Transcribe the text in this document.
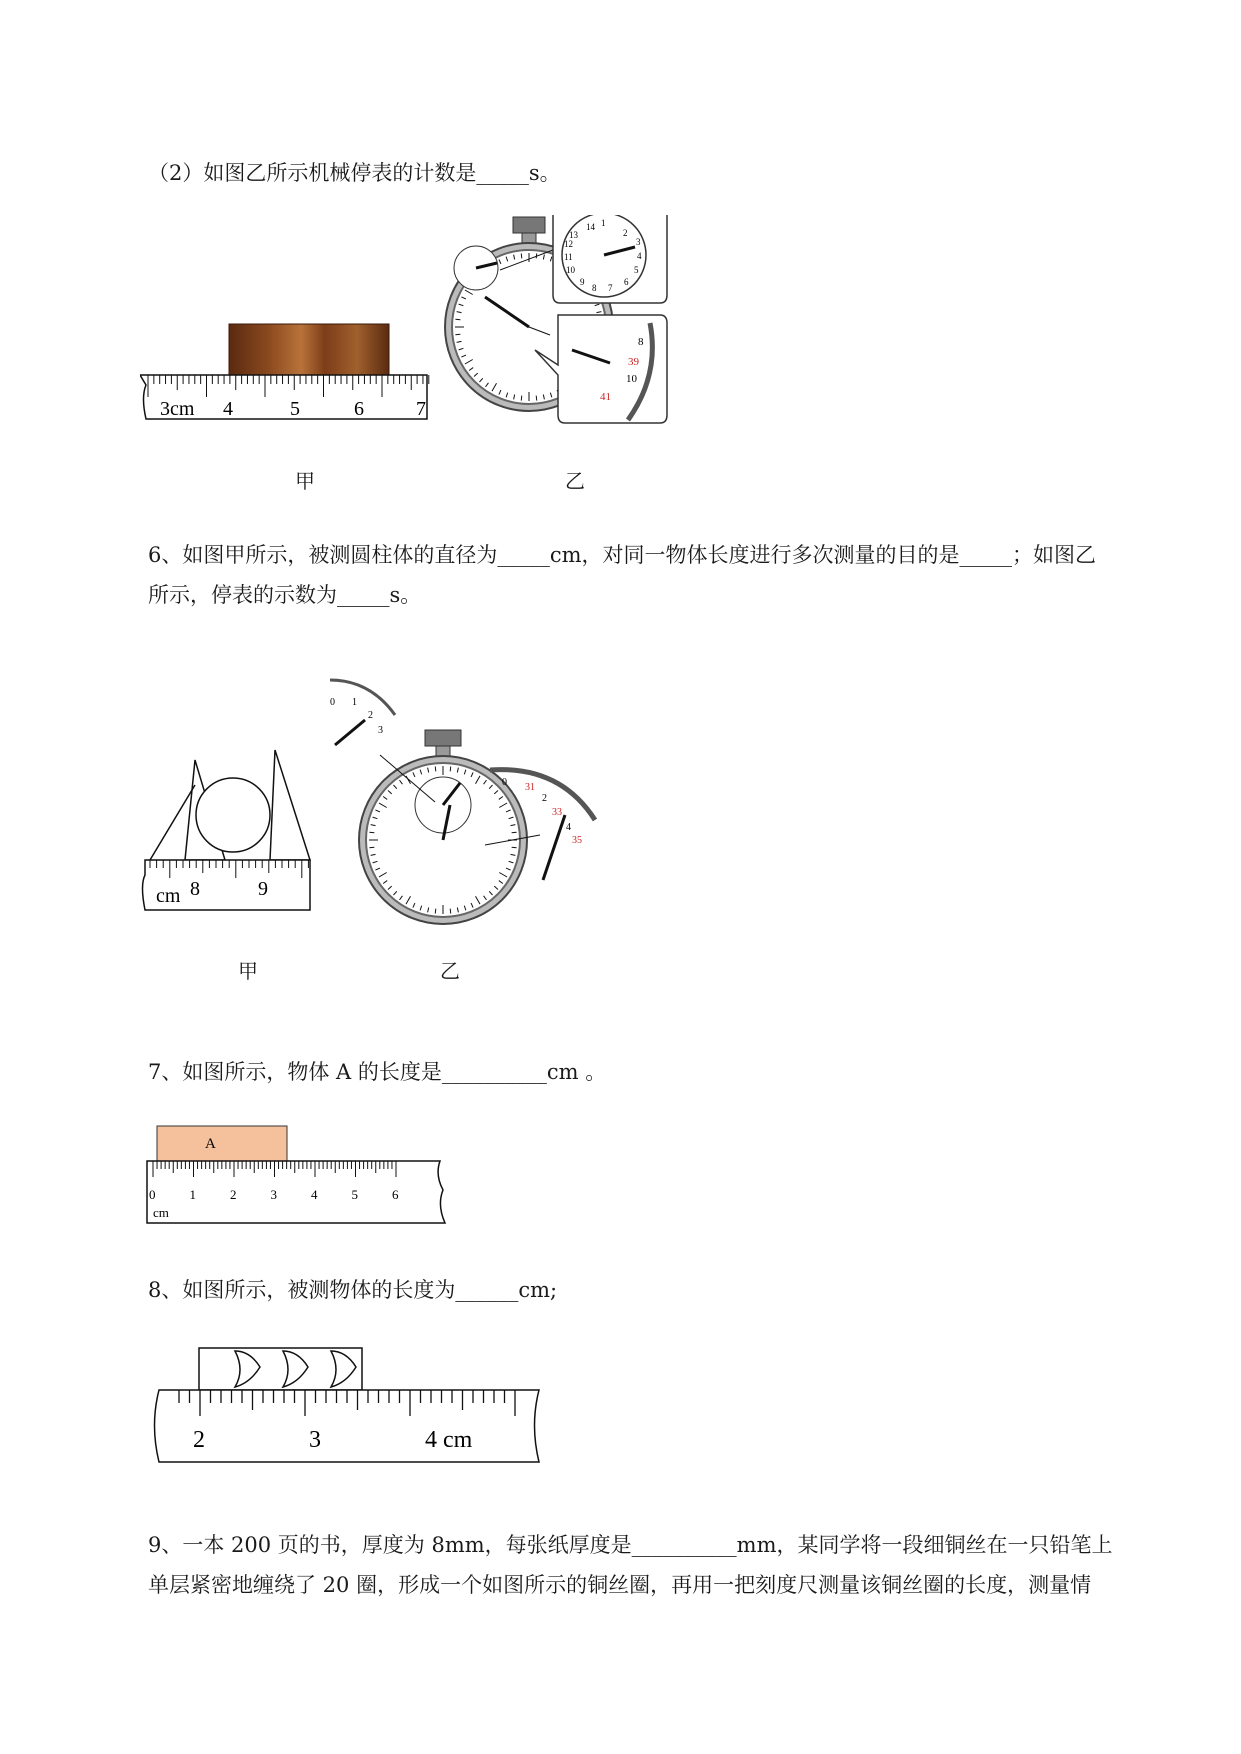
（2）如图乙所示机械停表的计数是_____s。

3cm 4	5	6	7
14 1
2
13
12	3
11	4
10	5
9
8 7
6
8
39
10
41
甲	乙

6、如图甲所示，被测圆柱体的直径为_____cm，对同一物体长度进行多次测量的目的是_____；如图乙

所示，停表的示数为_____s。

cm 8	9
0 1
2
3
0 31
2
33
4
35
甲	乙

7、如图所示，物体 A 的长度是__________cm 。

A
0	1	2	3	4	5	6
cm

8、如图所示，被测物体的长度为______cm;

2	3	4 cm

9、一本 200 页的书，厚度为 8mm，每张纸厚度是__________mm，某同学将一段细铜丝在一只铅笔上

单层紧密地缠绕了 20 圈，形成一个如图所示的铜丝圈，再用一把刻度尺测量该铜丝圈的长度，测量情
